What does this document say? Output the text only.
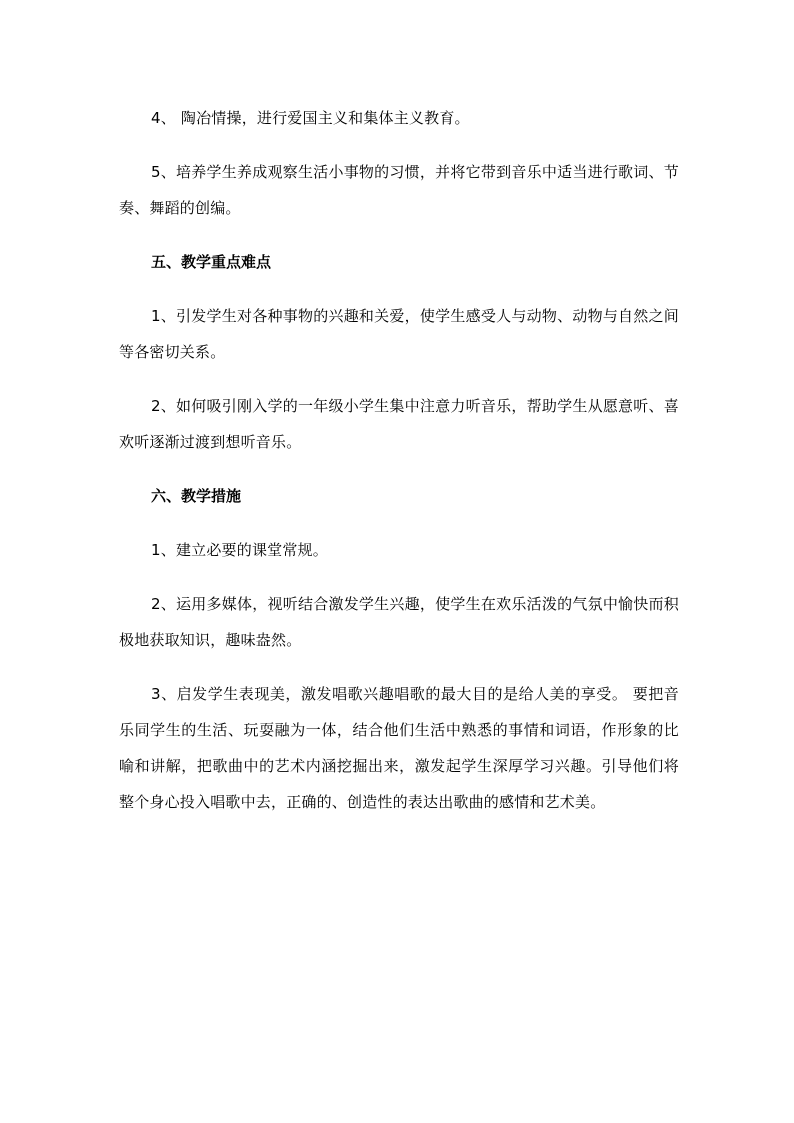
4、 陶冶情操，进行爱国主义和集体主义教育。

5、培养学生养成观察生活小事物的习惯，并将它带到音乐中适当进行歌词、节奏、舞蹈的创编。

五、教学重点难点

1、引发学生对各种事物的兴趣和关爱，使学生感受人与动物、动物与自然之间等各密切关系。

2、如何吸引刚入学的一年级小学生集中注意力听音乐，帮助学生从愿意听、喜欢听逐渐过渡到想听音乐。

六、教学措施

1、建立必要的课堂常规。

2、运用多媒体，视听结合激发学生兴趣，使学生在欢乐活泼的气氛中愉快而积极地获取知识，趣味盎然。

3、启发学生表现美，激发唱歌兴趣唱歌的最大目的是给人美的享受。 要把音乐同学生的生活、玩耍融为一体，结合他们生活中熟悉的事情和词语，作形象的比喻和讲解，把歌曲中的艺术内涵挖掘出来，激发起学生深厚学习兴趣。引导他们将整个身心投入唱歌中去，正确的、创造性的表达出歌曲的感情和艺术美。
